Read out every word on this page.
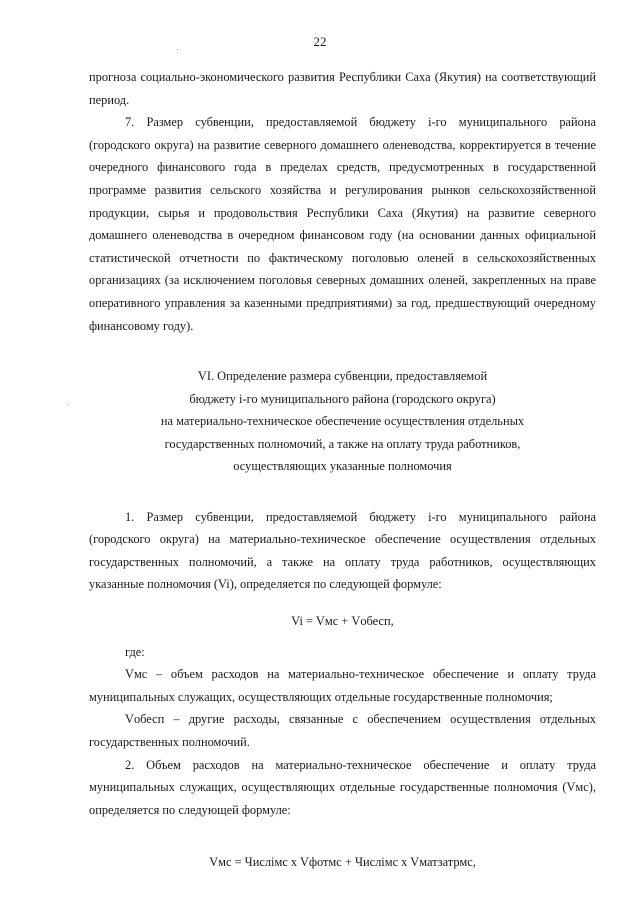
22

прогноза социально-экономического развития Республики Саха (Якутия) на соответствующий период.

7. Размер субвенции, предоставляемой бюджету i-го муниципального района (городского округа) на развитие северного домашнего оленеводства, корректируется в течение очередного финансового года в пределах средств, предусмотренных в государственной программе развития сельского хозяйства и регулирования рынков сельскохозяйственной продукции, сырья и продовольствия Республики Саха (Якутия) на развитие северного домашнего оленеводства в очередном финансовом году (на основании данных официальной статистической отчетности по фактическому поголовью оленей в сельскохозяйственных организациях (за исключением поголовья северных домашних оленей, закрепленных на праве оперативного управления за казенными предприятиями) за год, предшествующий очередному финансовому году).

VI. Определение размера субвенции, предоставляемой
бюджету i-го муниципального района (городского округа)
на материально-техническое обеспечение осуществления отдельных
государственных полномочий, а также на оплату труда работников,
осуществляющих указанные полномочия

1. Размер субвенции, предоставляемой бюджету i-го муниципального района (городского округа) на материально-техническое обеспечение осуществления отдельных государственных полномочий, а также на оплату труда работников, осуществляющих указанные полномочия (Vi), определяется по следующей формуле:

Vi = Vмс + Vобесп,

где:

Vмс – объем расходов на материально-техническое обеспечение и оплату труда муниципальных служащих, осуществляющих отдельные государственные полномочия;

Vобесп – другие расходы, связанные с обеспечением осуществления отдельных государственных полномочий.

2. Объем расходов на материально-техническое обеспечение и оплату труда муниципальных служащих, осуществляющих отдельные государственные полномочия (Vмс), определяется по следующей формуле:

Vмс = Числiмс x Vфотмс + Числiмс x Vматзатрмс,
